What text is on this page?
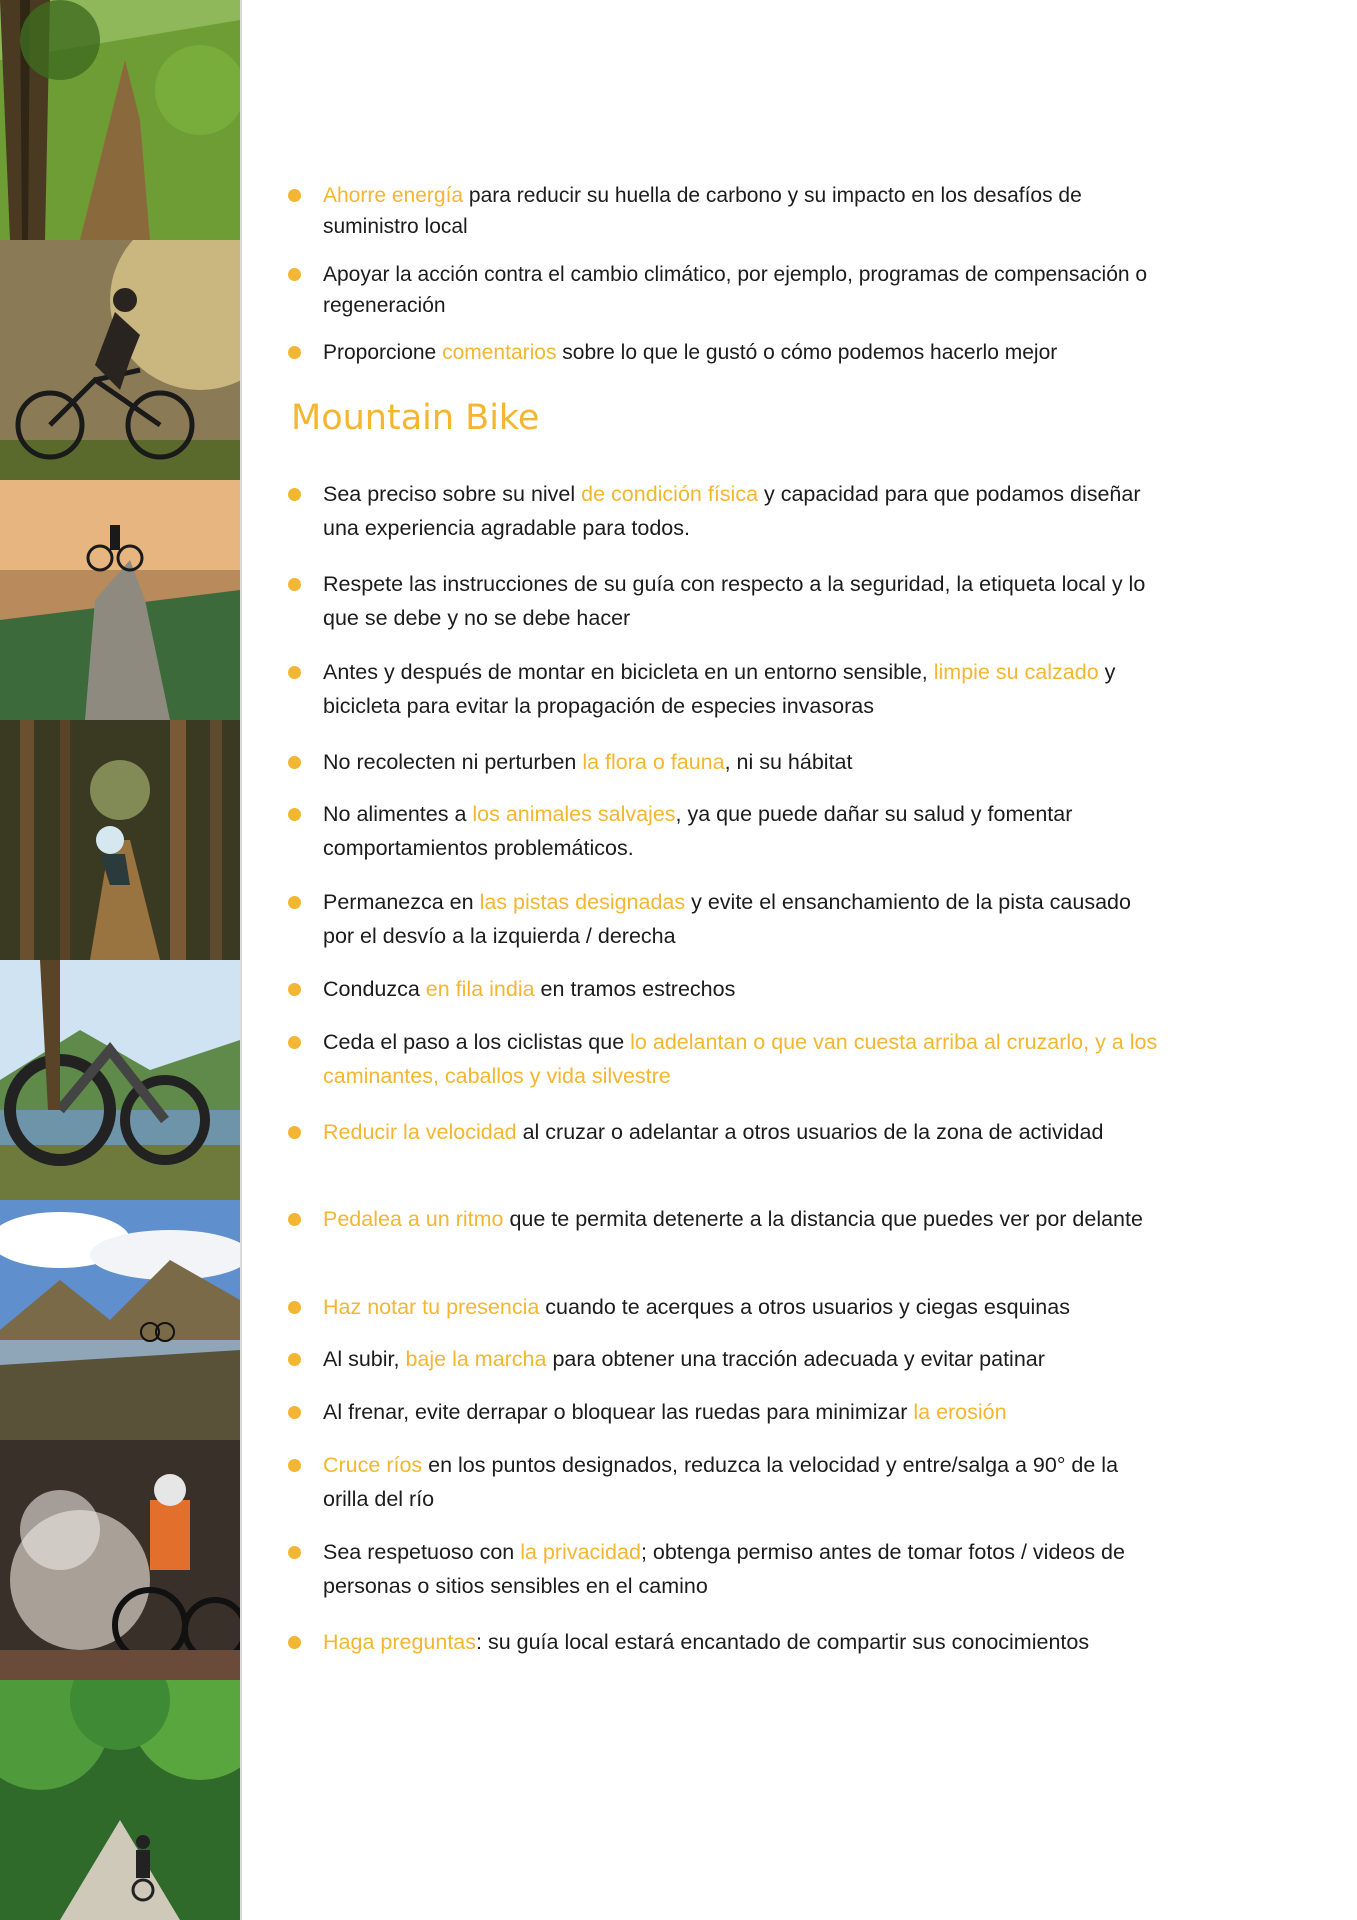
Ahorre energía para reducir su huella de carbono y su impacto en los desafíos de suministro local
Apoyar la acción contra el cambio climático, por ejemplo, programas de compensación o regeneración
Proporcione comentarios sobre lo que le gustó o cómo podemos hacerlo mejor
Mountain Bike
Sea preciso sobre su nivel de condición física y capacidad para que podamos diseñar una experiencia agradable para todos.
Respete las instrucciones de su guía con respecto a la seguridad, la etiqueta local y lo que se debe y no se debe hacer
Antes y después de montar en bicicleta en un entorno sensible, limpie su calzado y bicicleta para evitar la propagación de especies invasoras
No recolecten ni perturben la flora o fauna, ni su hábitat
No alimentes a los animales salvajes, ya que puede dañar su salud y fomentar comportamientos problemáticos.
Permanezca en las pistas designadas y evite el ensanchamiento de la pista causado por el desvío a la izquierda / derecha
Conduzca en fila india en tramos estrechos
Ceda el paso a los ciclistas que lo adelantan o que van cuesta arriba al cruzarlo, y a los caminantes, caballos y vida silvestre
Reducir la velocidad al cruzar o adelantar a otros usuarios de la zona de actividad
Pedalea a un ritmo que te permita detenerte a la distancia que puedes ver por delante
Haz notar tu presencia cuando te acerques a otros usuarios y ciegas esquinas
Al subir, baje la marcha para obtener una tracción adecuada y evitar patinar
Al frenar, evite derrapar o bloquear las ruedas para minimizar la erosión
Cruce ríos en los puntos designados, reduzca la velocidad y entre/salga a 90° de la orilla del río
Sea respetuoso con la privacidad; obtenga permiso antes de tomar fotos / videos de personas o sitios sensibles en el camino
Haga preguntas: su guía local estará encantado de compartir sus conocimientos
